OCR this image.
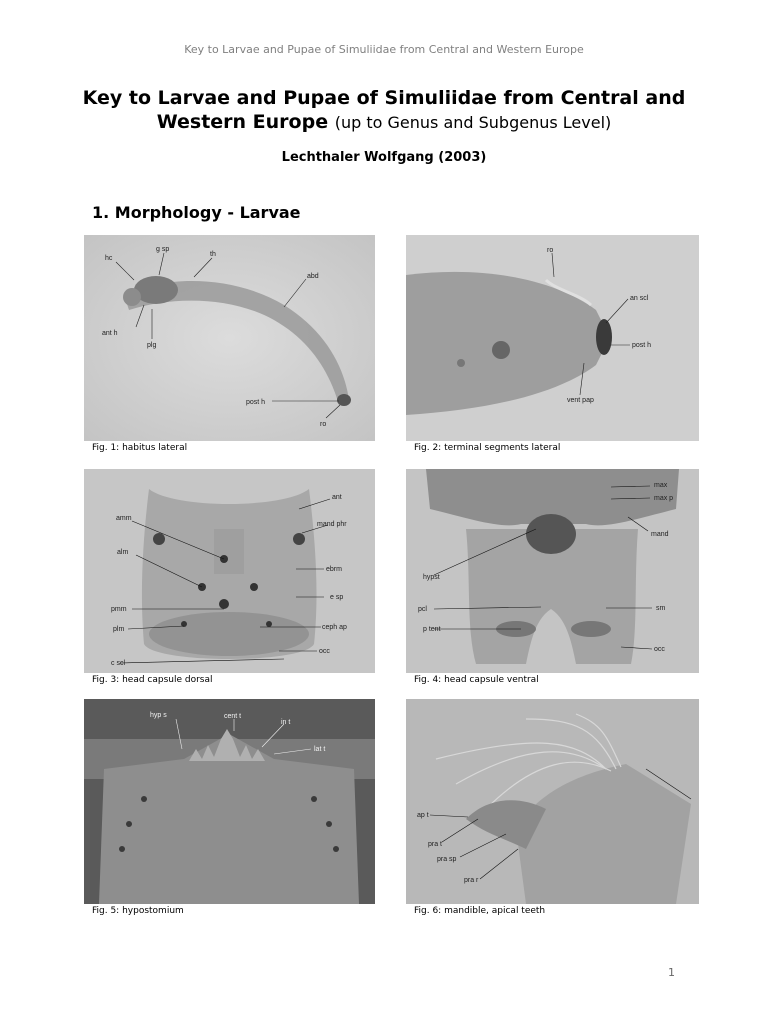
Key to Larvae and Pupae of Simuliidae from Central and Western Europe
Key to Larvae and Pupae of Simuliidae from Central and
Western Europe (up to Genus and Subgenus Level)
Lechthaler Wolfgang (2003)
1. Morphology - Larvae
hc
g sp
th
abd
ant h
plg
post h
ro
Fig. 1: habitus lateral
ro
an scl
post h
vent pap
Fig. 2: terminal segments lateral
amm
alm
pmm
plm
c scl
ant
mand phr
ebrm
e sp
ceph ap
occ
Fig. 3: head capsule dorsal
hypst
pcl
p tent
max
max p
mand
sm
occ
Fig. 4: head capsule ventral
hyp s	cent t
in t
lat t
Fig. 5: hypostomium
ap t
pra t
pra sp
pra r
Fig. 6: mandible, apical teeth
1
